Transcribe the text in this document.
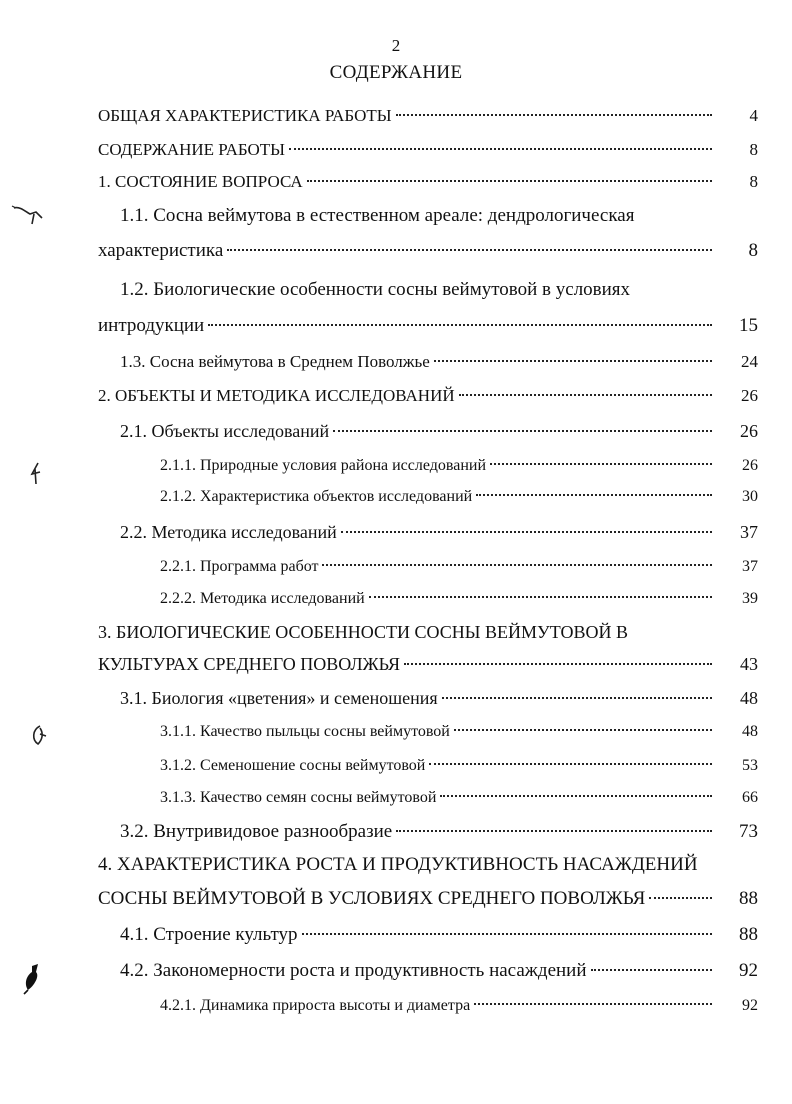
2
СОДЕРЖАНИЕ
ОБЩАЯ ХАРАКТЕРИСТИКА РАБОТЫ	4
СОДЕРЖАНИЕ РАБОТЫ	8
1. СОСТОЯНИЕ ВОПРОСА	8
1.1. Сосна веймутова в естественном ареале: дендрологическая
характеристика	8
1.2. Биологические особенности сосны веймутовой в условиях
интродукции	15
1.3. Сосна веймутова в Среднем Поволжье	24
2. ОБЪЕКТЫ И МЕТОДИКА ИССЛЕДОВАНИЙ	26
2.1. Объекты исследований	26
2.1.1. Природные условия района исследований	26
2.1.2. Характеристика объектов исследований	30
2.2. Методика исследований	37
2.2.1. Программа работ	37
2.2.2. Методика исследований	39
3. БИОЛОГИЧЕСКИЕ ОСОБЕННОСТИ СОСНЫ ВЕЙМУТОВОЙ В
КУЛЬТУРАХ СРЕДНЕГО ПОВОЛЖЬЯ	43
3.1. Биология «цветения» и семеношения	48
3.1.1. Качество пыльцы сосны веймутовой	48
3.1.2. Семеношение сосны веймутовой	53
3.1.3. Качество семян сосны веймутовой	66
3.2. Внутривидовое разнообразие	73
4. ХАРАКТЕРИСТИКА РОСТА И ПРОДУКТИВНОСТЬ НАСАЖДЕНИЙ
СОСНЫ ВЕЙМУТОВОЙ В УСЛОВИЯХ СРЕДНЕГО ПОВОЛЖЬЯ	88
4.1. Строение культур	88
4.2. Закономерности роста и продуктивность насаждений	92
4.2.1. Динамика прироста высоты и диаметра	92
